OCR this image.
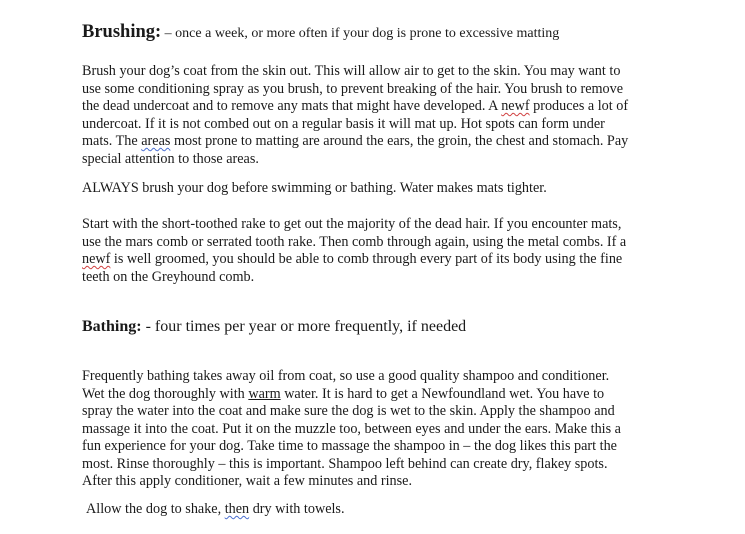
Brushing: – once a week, or more often if your dog is prone to excessive matting

Brush your dog’s coat from the skin out. This will allow air to get to the skin. You may want to
use some conditioning spray as you brush, to prevent breaking of the hair. You brush to remove
the dead undercoat and to remove any mats that might have developed. A newf produces a lot of
undercoat. If it is not combed out on a regular basis it will mat up. Hot spots can form under
mats. The areas most prone to matting are around the ears, the groin, the chest and stomach. Pay
special attention to those areas.

ALWAYS brush your dog before swimming or bathing. Water makes mats tighter.

Start with the short-toothed rake to get out the majority of the dead hair. If you encounter mats,
use the mars comb or serrated tooth rake. Then comb through again, using the metal combs. If a
newf is well groomed, you should be able to comb through every part of its body using the fine
teeth on the Greyhound comb.

Bathing: - four times per year or more frequently, if needed

Frequently bathing takes away oil from coat, so use a good quality shampoo and conditioner.
Wet the dog thoroughly with warm water. It is hard to get a Newfoundland wet. You have to
spray the water into the coat and make sure the dog is wet to the skin. Apply the shampoo and
massage it into the coat. Put it on the muzzle too, between eyes and under the ears. Make this a
fun experience for your dog. Take time to massage the shampoo in – the dog likes this part the
most. Rinse thoroughly – this is important. Shampoo left behind can create dry, flakey spots.
After this apply conditioner, wait a few minutes and rinse.

Allow the dog to shake, then dry with towels.
